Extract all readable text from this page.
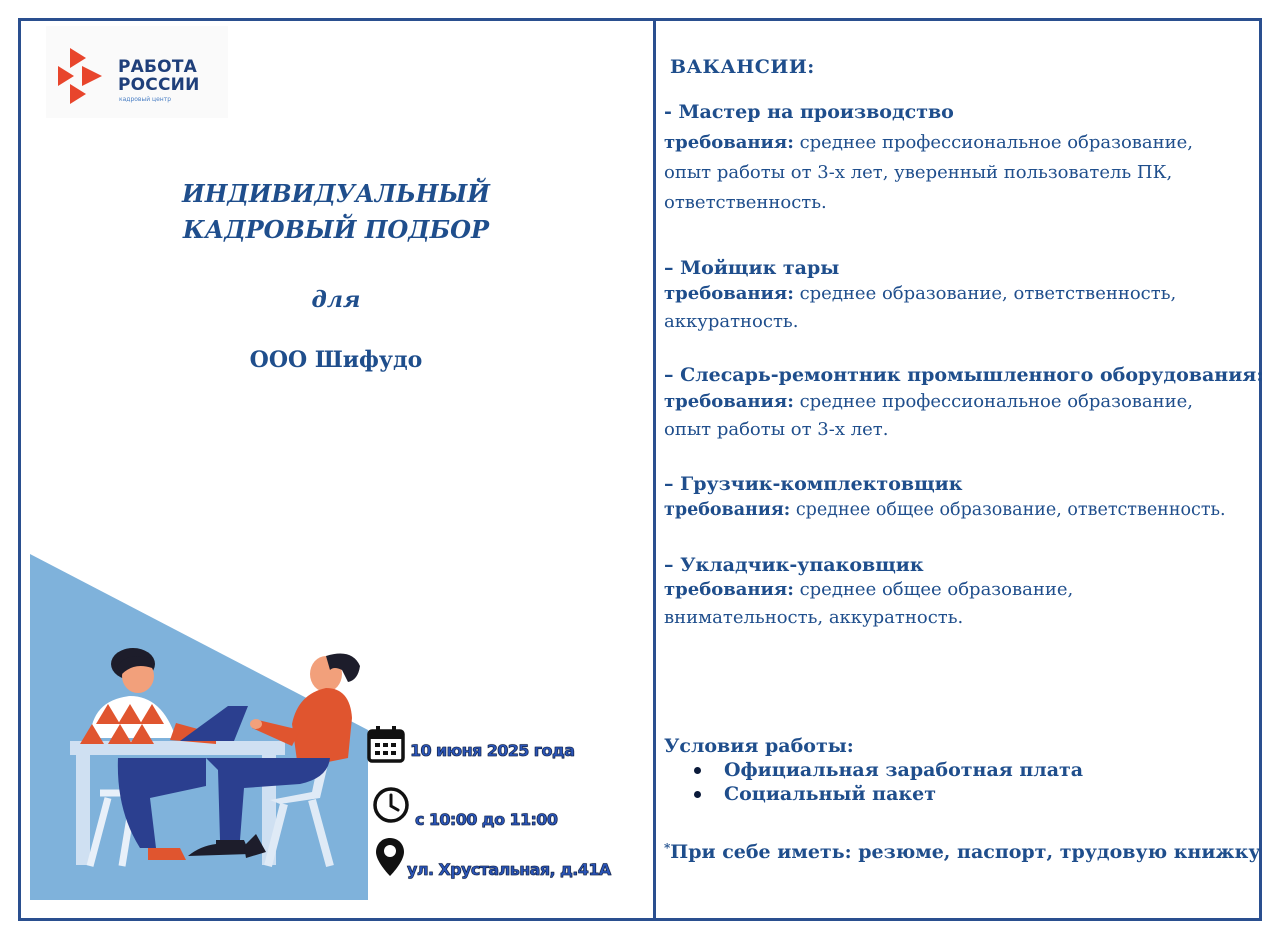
РАБОТА
РОССИИ
кадровый центр
ИНДИВИДУАЛЬНЫЙ
КАДРОВЫЙ ПОДБОР
для
ООО Шифудо
10 июня 2025 года
с 10:00 до 11:00
ул. Хрустальная, д.41А
ВАКАНСИИ:
- Мастер на производство
требования: среднее профессиональное образование,
опыт работы от 3-х лет, уверенный пользователь ПК,
ответственность.
– Мойщик тары
требования: среднее образование, ответственность,
аккуратность.
– Слесарь-ремонтник промышленного оборудования:
требования: среднее профессиональное образование,
опыт работы от 3-х лет.
– Грузчик-комплектовщик
требования: среднее общее образование, ответственность.
– Укладчик-упаковщик
требования: среднее общее образование,
внимательность, аккуратность.
Условия работы:
Официальная заработная плата
Социальный пакет
*При себе иметь: резюме, паспорт, трудовую книжку
